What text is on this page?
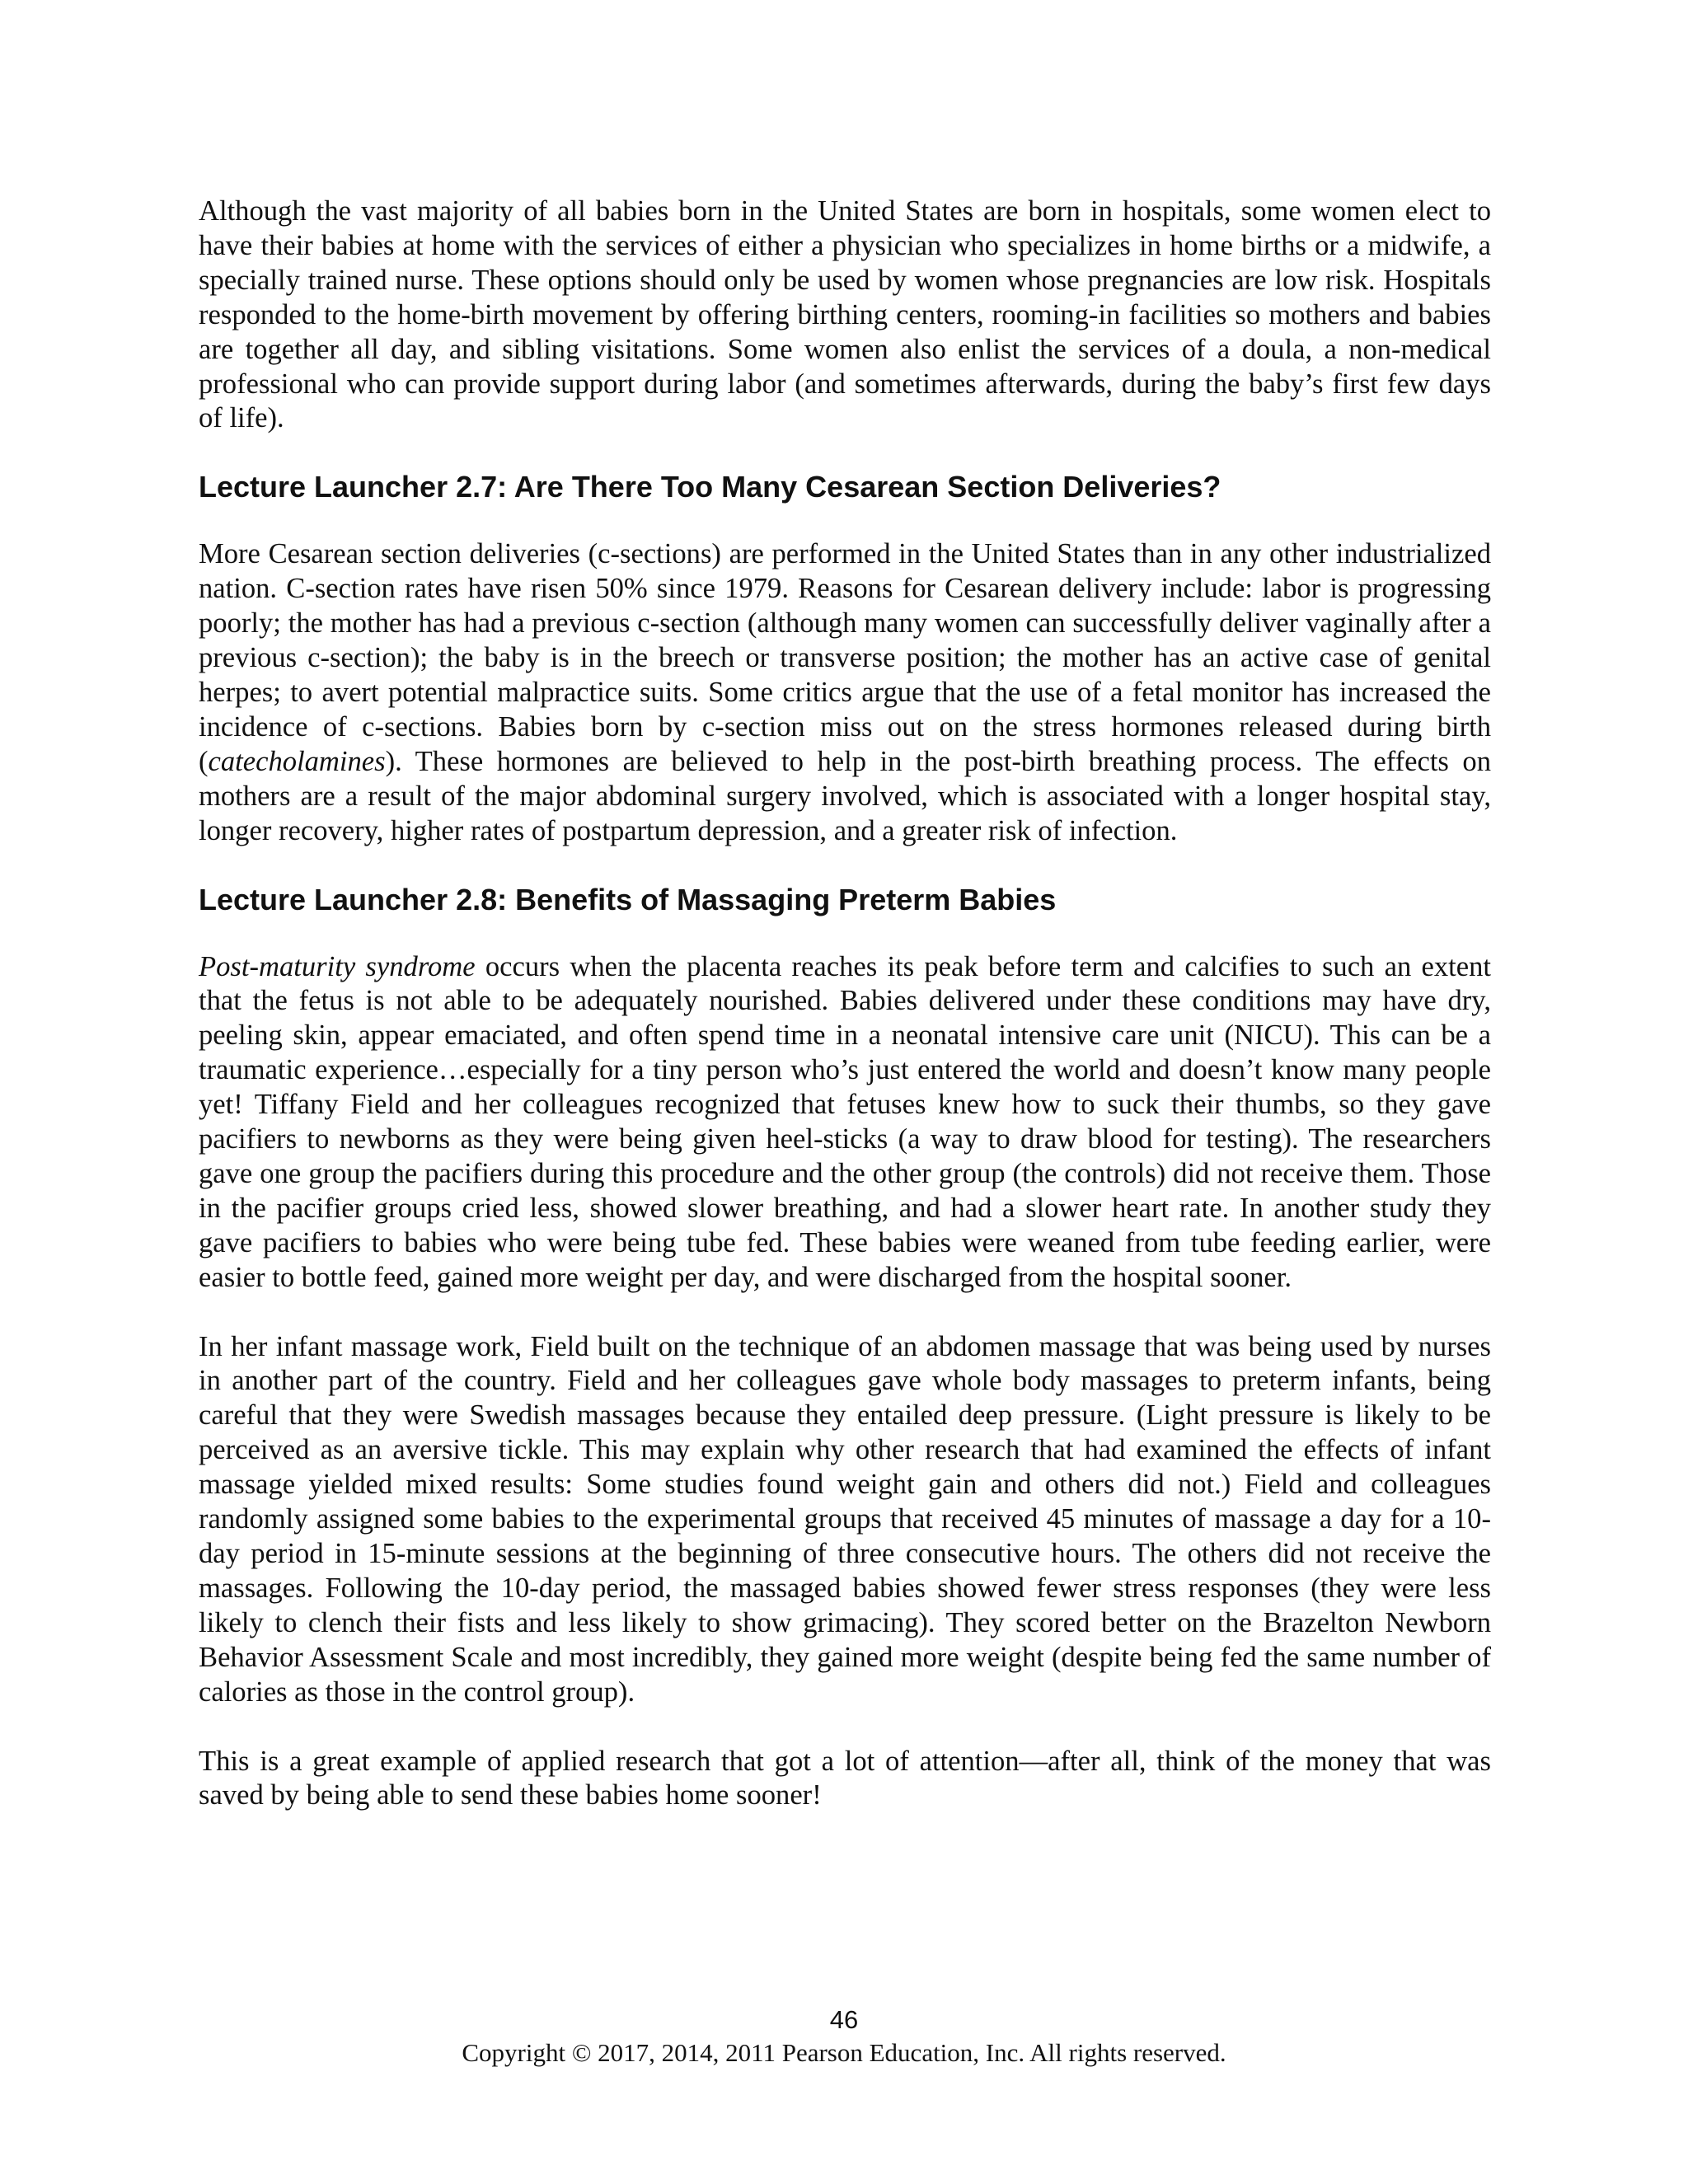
Although the vast majority of all babies born in the United States are born in hospitals, some women elect to have their babies at home with the services of either a physician who specializes in home births or a midwife, a specially trained nurse. These options should only be used by women whose pregnancies are low risk. Hospitals responded to the home-birth movement by offering birthing centers, rooming-in facilities so mothers and babies are together all day, and sibling visitations. Some women also enlist the services of a doula, a non-medical professional who can provide support during labor (and sometimes afterwards, during the baby’s first few days of life).

Lecture Launcher 2.7: Are There Too Many Cesarean Section Deliveries?

More Cesarean section deliveries (c-sections) are performed in the United States than in any other industrialized nation. C-section rates have risen 50% since 1979. Reasons for Cesarean delivery include: labor is progressing poorly; the mother has had a previous c-section (although many women can successfully deliver vaginally after a previous c-section); the baby is in the breech or transverse position; the mother has an active case of genital herpes; to avert potential malpractice suits. Some critics argue that the use of a fetal monitor has increased the incidence of c-sections. Babies born by c-section miss out on the stress hormones released during birth (catecholamines). These hormones are believed to help in the post-birth breathing process. The effects on mothers are a result of the major abdominal surgery involved, which is associated with a longer hospital stay, longer recovery, higher rates of postpartum depression, and a greater risk of infection.

Lecture Launcher 2.8: Benefits of Massaging Preterm Babies

Post-maturity syndrome occurs when the placenta reaches its peak before term and calcifies to such an extent that the fetus is not able to be adequately nourished. Babies delivered under these conditions may have dry, peeling skin, appear emaciated, and often spend time in a neonatal intensive care unit (NICU). This can be a traumatic experience…especially for a tiny person who’s just entered the world and doesn’t know many people yet! Tiffany Field and her colleagues recognized that fetuses knew how to suck their thumbs, so they gave pacifiers to newborns as they were being given heel-sticks (a way to draw blood for testing). The researchers gave one group the pacifiers during this procedure and the other group (the controls) did not receive them. Those in the pacifier groups cried less, showed slower breathing, and had a slower heart rate. In another study they gave pacifiers to babies who were being tube fed. These babies were weaned from tube feeding earlier, were easier to bottle feed, gained more weight per day, and were discharged from the hospital sooner.

In her infant massage work, Field built on the technique of an abdomen massage that was being used by nurses in another part of the country. Field and her colleagues gave whole body massages to preterm infants, being careful that they were Swedish massages because they entailed deep pressure. (Light pressure is likely to be perceived as an aversive tickle. This may explain why other research that had examined the effects of infant massage yielded mixed results: Some studies found weight gain and others did not.) Field and colleagues randomly assigned some babies to the experimental groups that received 45 minutes of massage a day for a 10-day period in 15-minute sessions at the beginning of three consecutive hours. The others did not receive the massages. Following the 10-day period, the massaged babies showed fewer stress responses (they were less likely to clench their fists and less likely to show grimacing). They scored better on the Brazelton Newborn Behavior Assessment Scale and most incredibly, they gained more weight (despite being fed the same number of calories as those in the control group).

This is a great example of applied research that got a lot of attention—after all, think of the money that was saved by being able to send these babies home sooner!

46
Copyright © 2017, 2014, 2011 Pearson Education, Inc. All rights reserved.
